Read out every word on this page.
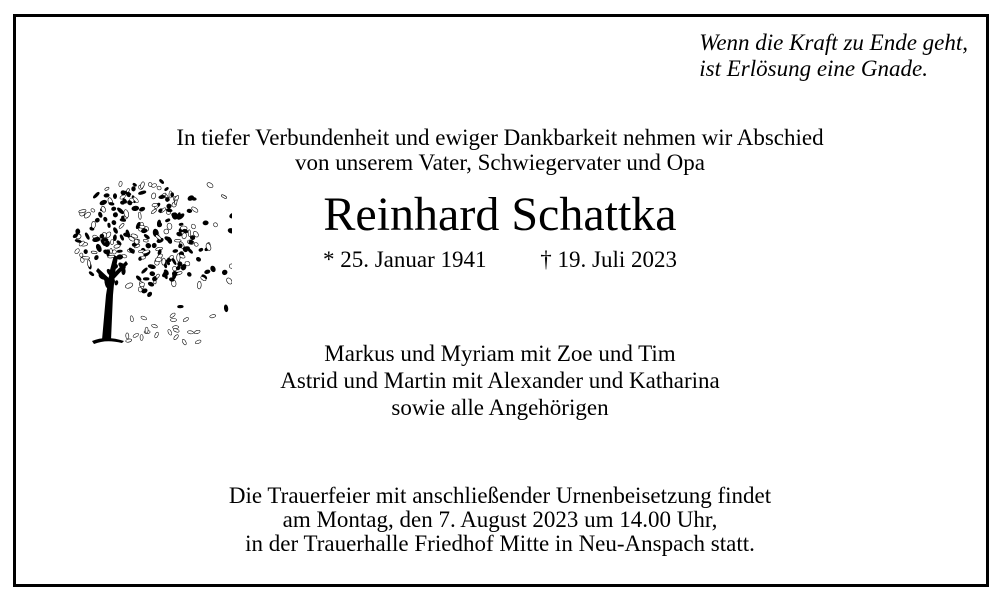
Wenn die Kraft zu Ende geht,
ist Erlösung eine Gnade.
In tiefer Verbundenheit und ewiger Dankbarkeit nehmen wir Abschied
von unserem Vater, Schwiegervater und Opa
Reinhard Schattka
* 25. Januar 1941 † 19. Juli 2023
Markus und Myriam mit Zoe und Tim
Astrid und Martin mit Alexander und Katharina
sowie alle Angehörigen
Die Trauerfeier mit anschließender Urnenbeisetzung findet
am Montag, den 7. August 2023 um 14.00 Uhr,
in der Trauerhalle Friedhof Mitte in Neu-Anspach statt.
